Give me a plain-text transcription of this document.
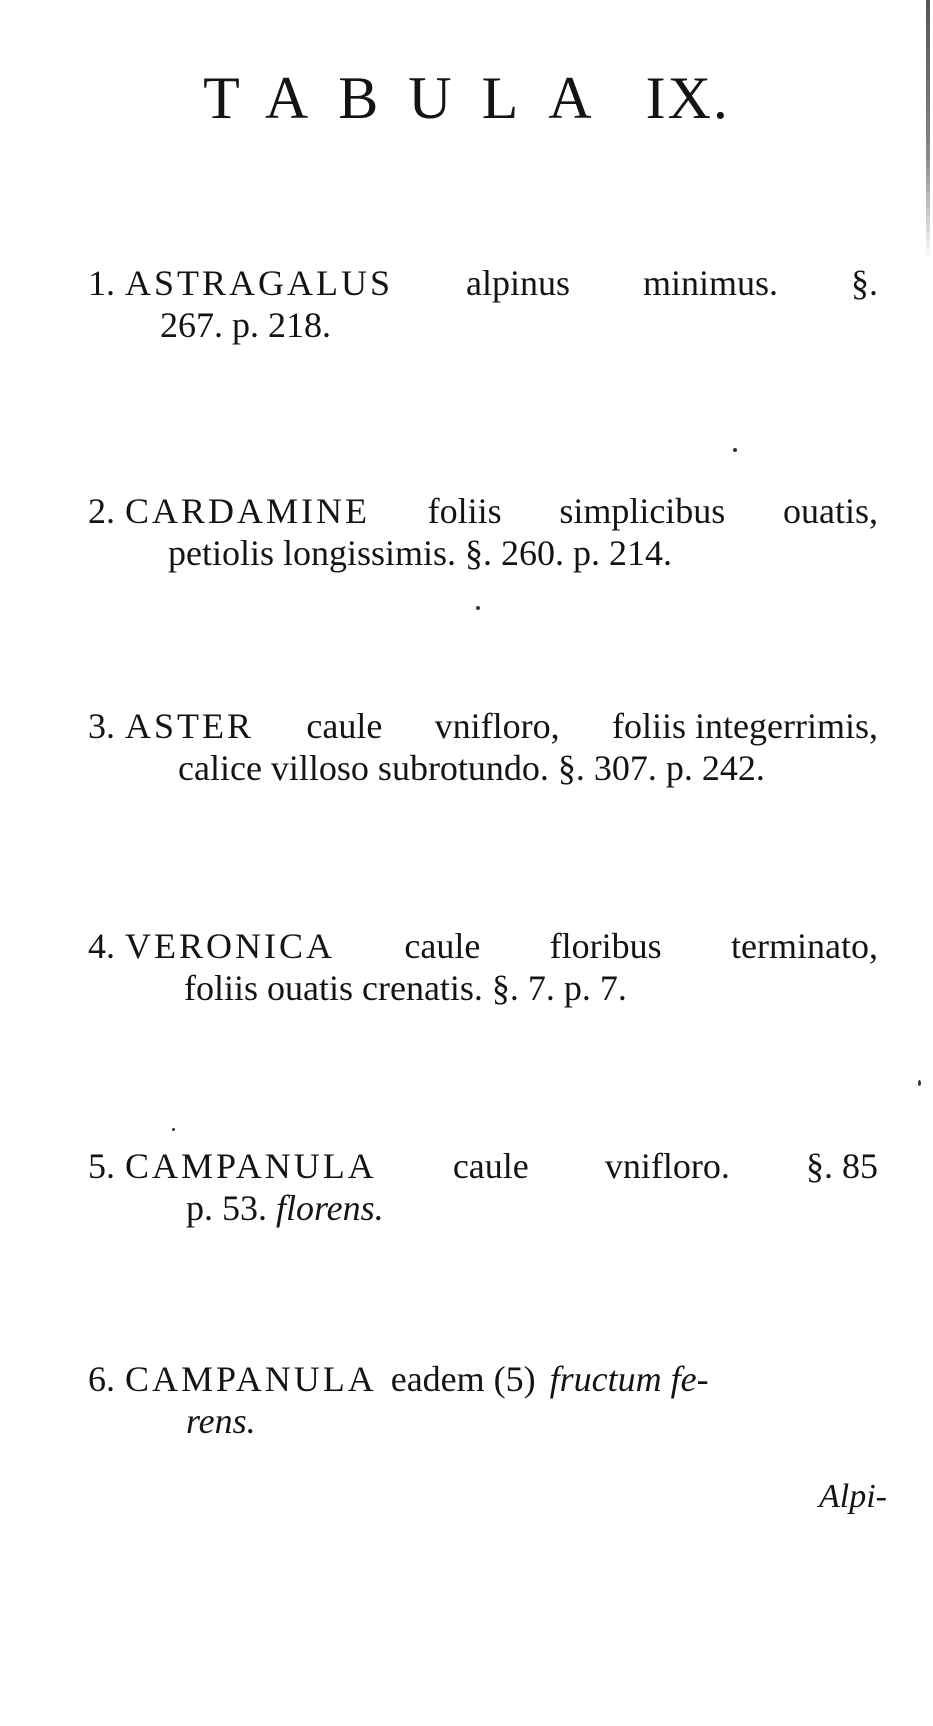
TABULA IX.
1. ASTRAGALUS alpinus minimus. §.
267. p. 218.
2. CARDAMINE foliis simplicibus ouatis,
petiolis longissimis. §. 260. p. 214.
3. ASTER caule vnifloro, foliis integerrimis,
calice villoso subrotundo. §. 307. p. 242.
4. VERONICA caule floribus terminato,
foliis ouatis crenatis. §. 7. p. 7.
5. CAMPANULA caule vnifloro. §. 85
p. 53. florens.
6. CAMPANULA eadem (5) fructum fe-
rens.
Alpi-
